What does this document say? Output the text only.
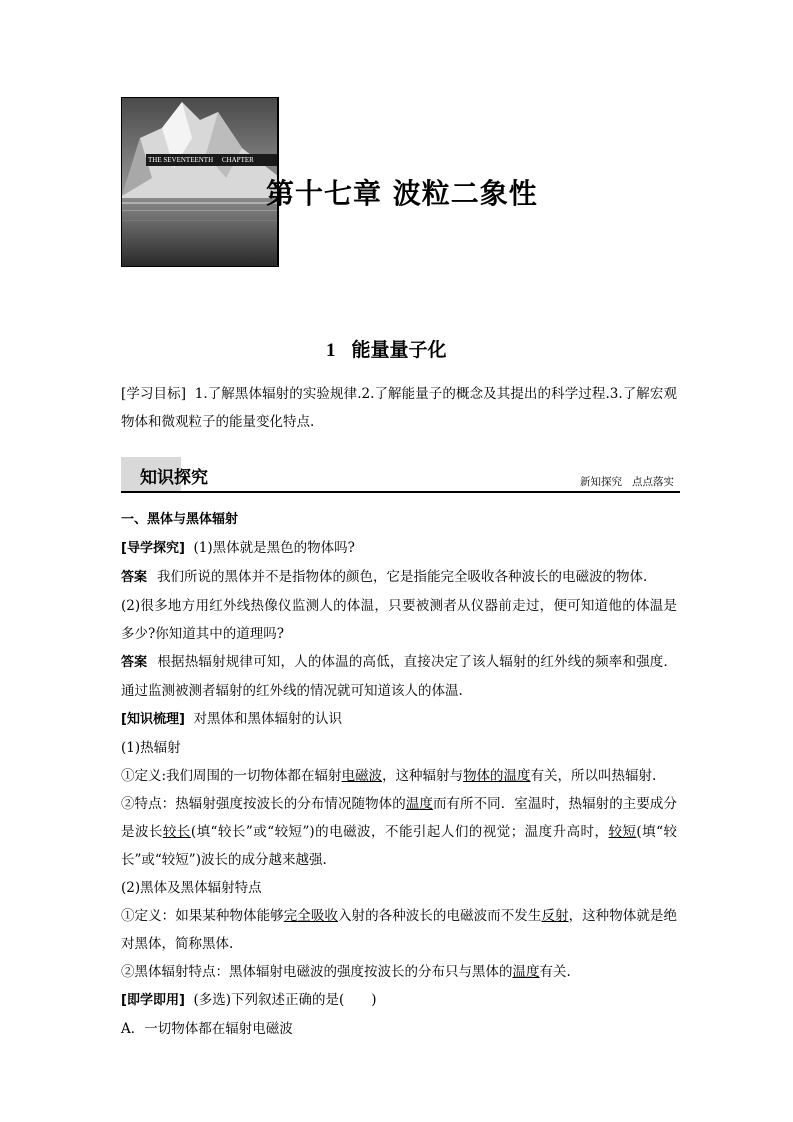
THE SEVENTEENTH CHAPTER
第十七章 波粒二象性
1 能量量子化
[学习目标] 1.了解黑体辐射的实验规律.2.了解能量子的概念及其提出的科学过程.3.了解宏观物体和微观粒子的能量变化特点.
知识探究	新知探究 点点落实

一、黑体与黑体辐射

[导学探究] (1)黑体就是黑色的物体吗?

答案 我们所说的黑体并不是指物体的颜色，它是指能完全吸收各种波长的电磁波的物体.

(2)很多地方用红外线热像仪监测人的体温，只要被测者从仪器前走过，便可知道他的体温是多少?你知道其中的道理吗?

答案 根据热辐射规律可知，人的体温的高低，直接决定了该人辐射的红外线的频率和强度．通过监测被测者辐射的红外线的情况就可知道该人的体温.

[知识梳理] 对黑体和黑体辐射的认识

(1)热辐射

①定义:我们周围的一切物体都在辐射电磁波，这种辐射与物体的温度有关，所以叫热辐射.

②特点：热辐射强度按波长的分布情况随物体的温度而有所不同．室温时，热辐射的主要成分是波长较长(填“较长”或“较短”)的电磁波，不能引起人们的视觉；温度升高时，较短(填“较长”或“较短”)波长的成分越来越强.

(2)黑体及黑体辐射特点

①定义：如果某种物体能够完全吸收入射的各种波长的电磁波而不发生反射，这种物体就是绝对黑体，简称黑体.

②黑体辐射特点：黑体辐射电磁波的强度按波长的分布只与黑体的温度有关.

[即学即用] (多选)下列叙述正确的是(　　)

A．一切物体都在辐射电磁波
